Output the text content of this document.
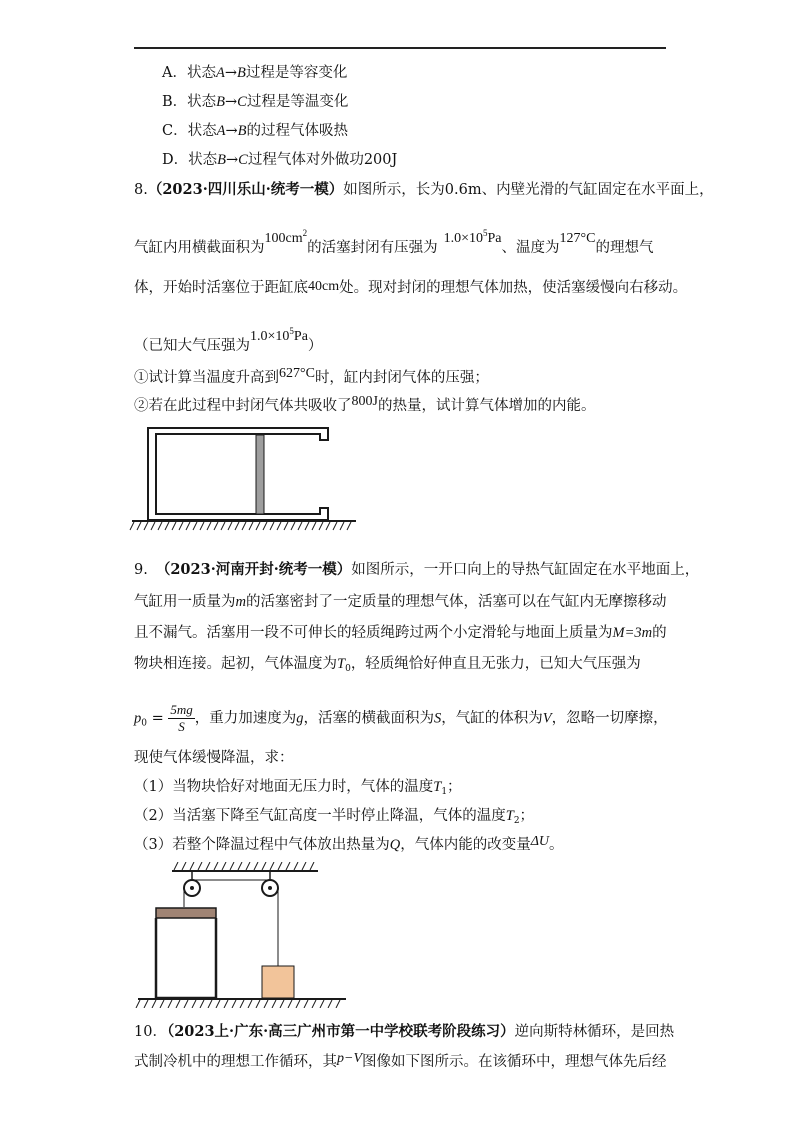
A．状态A→B过程是等容变化
B．状态B→C过程是等温变化
C．状态A→B的过程气体吸热
D．状态B→C过程气体对外做功200J
8.（2023·四川乐山·统考一模）如图所示，长为0.6m、内壁光滑的气缸固定在水平面上，
气缸内用横截面积为$100cm^2$的活塞封闭有压强为$1.0\times 10^5Pa$、温度为127°C的理想气
体，开始时活塞位于距缸底40cm处。现对封闭的理想气体加热，使活塞缓慢向右移动。
（已知大气压强为$1.0\times 10^5Pa$）
①试计算当温度升高到627°C时，缸内封闭气体的压强；
②若在此过程中封闭气体共吸收了800J的热量，试计算气体增加的内能。
9. （2023·河南开封·统考一模）如图所示，一开口向上的导热气缸固定在水平地面上，
气缸用一质量为m的活塞密封了一定质量的理想气体，活塞可以在气缸内无摩擦移动
且不漏气。活塞用一段不可伸长的轻质绳跨过两个小定滑轮与地面上质量为M=3m的
物块相连接。起初，气体温度为$T_0$，轻质绳恰好伸直且无张力，已知大气压强为
$p_0 = \frac{5mg}{S}$ ，重力加速度为g，活塞的横截面积为S，气缸的体积为V，忽略一切摩擦，
现使气体缓慢降温，求：
（1）当物块恰好对地面无压力时，气体的温度$T_1$；
（2）当活塞下降至气缸高度一半时停止降温，气体的温度$T_2$；
（3）若整个降温过程中气体放出热量为Q，气体内能的改变量ΔU。
10．（2023上·广东·高三广州市第一中学校联考阶段练习）逆向斯特林循环，是回热
式制冷机中的理想工作循环，其p−V图像如下图所示。在该循环中，理想气体先后经
